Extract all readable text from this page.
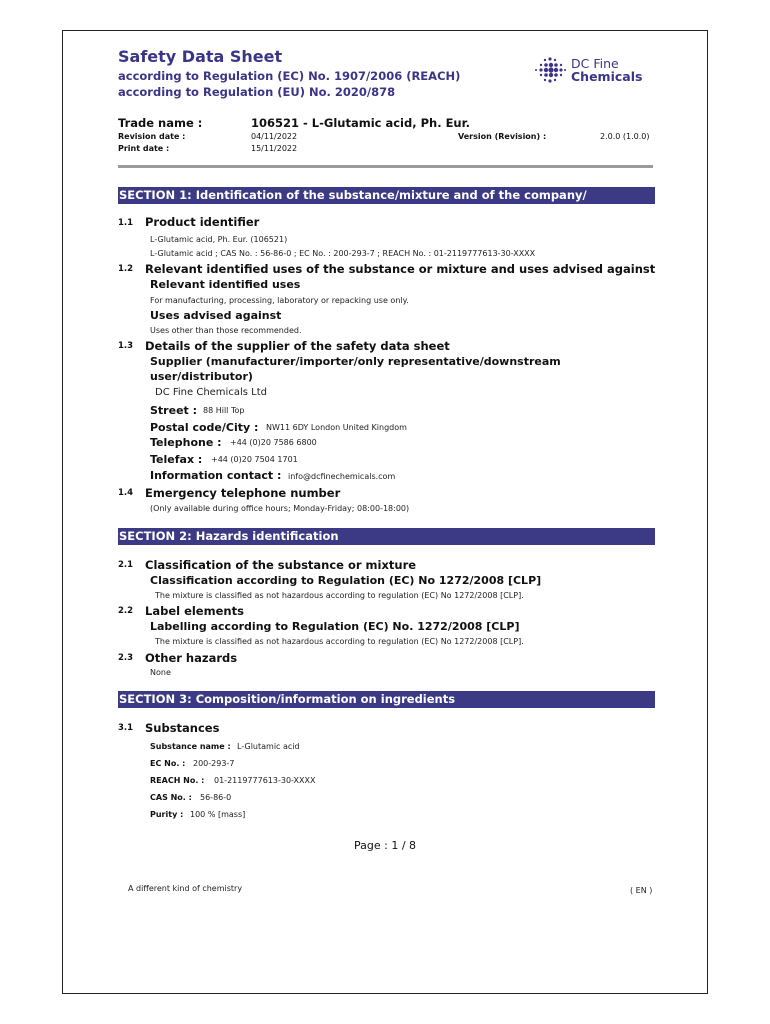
Safety Data Sheet
according to Regulation (EC) No. 1907/2006 (REACH)
according to Regulation (EU) No. 2020/878
DC Fine
Chemicals
Trade name :	106521 - L-Glutamic acid, Ph. Eur.
Revision date :	04/11/2022	Version (Revision) :	2.0.0 (1.0.0)
Print date :	15/11/2022
SECTION 1: Identification of the substance/mixture and of the company/ undertaking
1.1 Product identifier
L-Glutamic acid, Ph. Eur. (106521)
L-Glutamic acid ; CAS No. : 56-86-0 ; EC No. : 200-293-7 ; REACH No. : 01-2119777613-30-XXXX
1.2 Relevant identified uses of the substance or mixture and uses advised against
Relevant identified uses
For manufacturing, processing, laboratory or repacking use only.
Uses advised against
Uses other than those recommended.
1.3 Details of the supplier of the safety data sheet
Supplier (manufacturer/importer/only representative/downstream
user/distributor)
DC Fine Chemicals Ltd
Street : 88 Hill Top
Postal code/City : NW11 6DY London United Kingdom
Telephone : +44 (0)20 7586 6800
Telefax : +44 (0)20 7504 1701
Information contact : info@dcfinechemicals.com
1.4 Emergency telephone number
(Only available during office hours; Monday-Friday; 08:00-18:00)
SECTION 2: Hazards identification
2.1 Classification of the substance or mixture
Classification according to Regulation (EC) No 1272/2008 [CLP]
The mixture is classified as not hazardous according to regulation (EC) No 1272/2008 [CLP].
2.2 Label elements
Labelling according to Regulation (EC) No. 1272/2008 [CLP]
The mixture is classified as not hazardous according to regulation (EC) No 1272/2008 [CLP].
2.3 Other hazards
None
SECTION 3: Composition/information on ingredients
3.1 Substances
Substance name : L-Glutamic acid
EC No. : 200-293-7
REACH No. : 01-2119777613-30-XXXX
CAS No. : 56-86-0
Purity : 100 % [mass]
Page : 1 / 8
A different kind of chemistry	( EN )
